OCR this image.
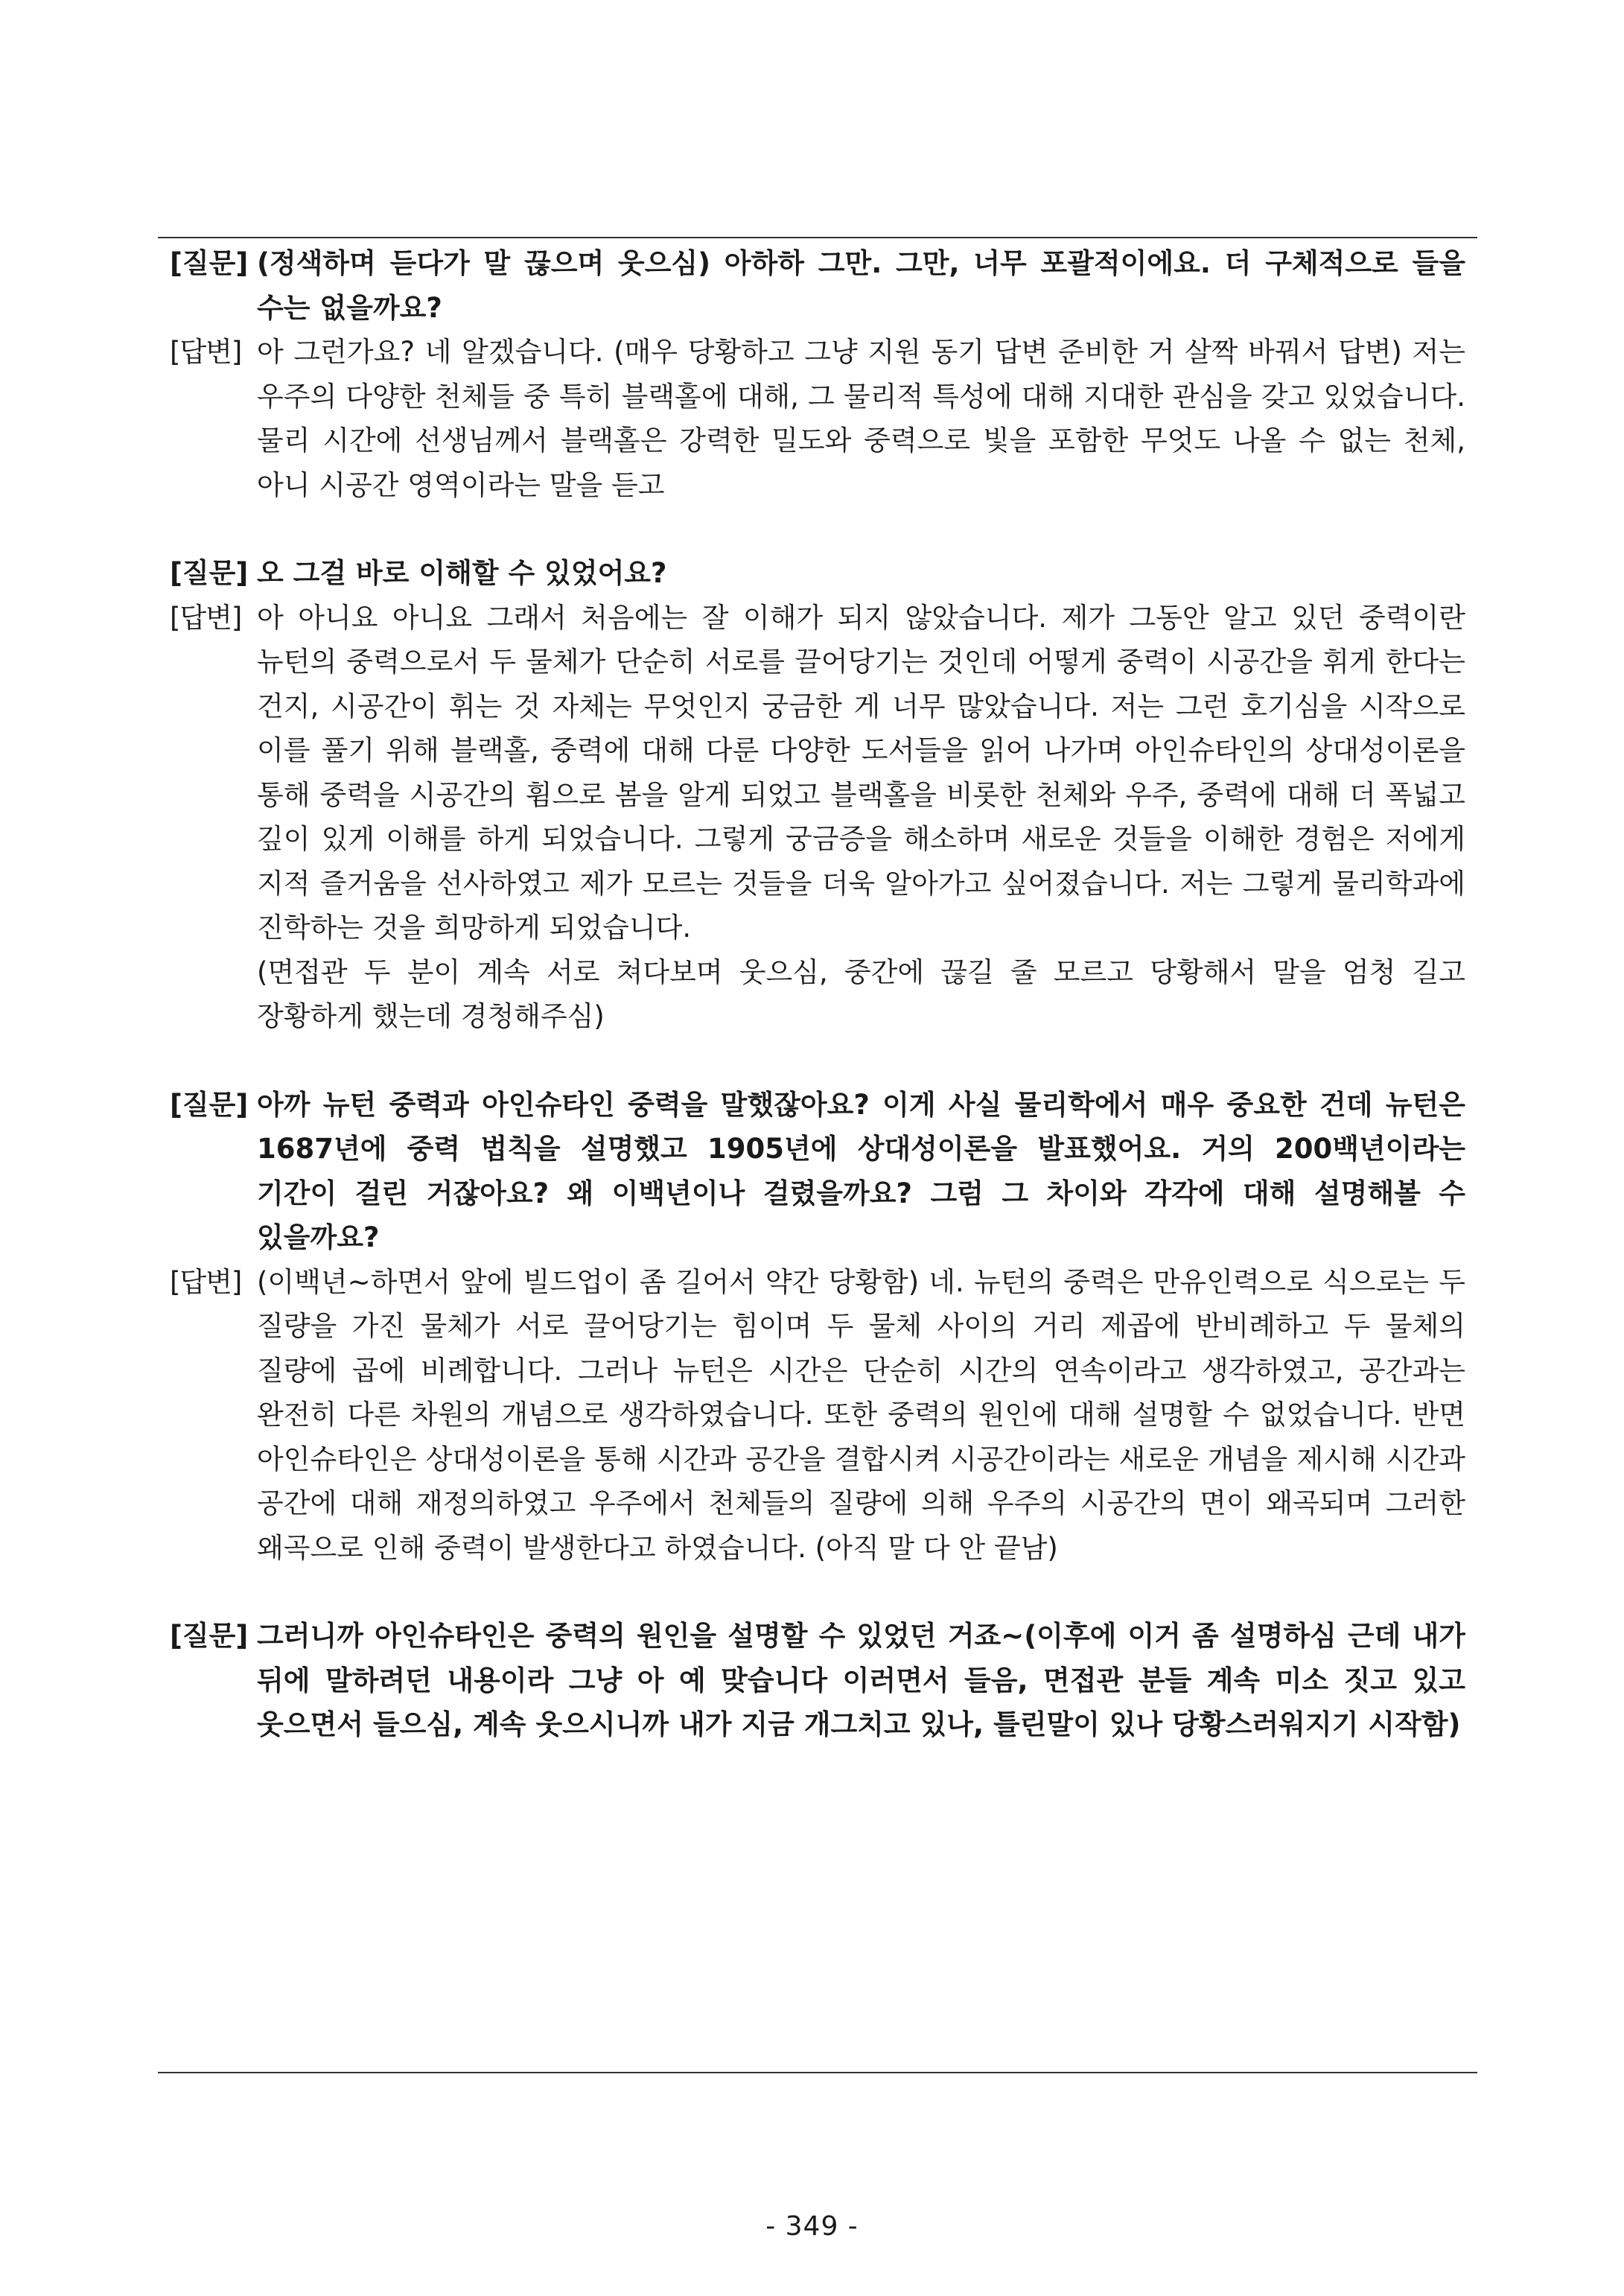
[질문] (정색하며 듣다가 말 끊으며 웃으심) 아하하 그만. 그만, 너무 포괄적이에요. 더 구체적으로 들을 수는 없을까요?
[답변] 아 그런가요? 네 알겠습니다. (매우 당황하고 그냥 지원 동기 답변 준비한 거 살짝 바꿔서 답변) 저는 우주의 다양한 천체들 중 특히 블랙홀에 대해, 그 물리적 특성에 대해 지대한 관심을 갖고 있었습니다. 물리 시간에 선생님께서 블랙홀은 강력한 밀도와 중력으로 빛을 포함한 무엇도 나올 수 없는 천체, 아니 시공간 영역이라는 말을 듣고
[질문] 오 그걸 바로 이해할 수 있었어요?
[답변] 아 아니요 아니요 그래서 처음에는 잘 이해가 되지 않았습니다. 제가 그동안 알고 있던 중력이란 뉴턴의 중력으로서 두 물체가 단순히 서로를 끌어당기는 것인데 어떻게 중력이 시공간을 휘게 한다는 건지, 시공간이 휘는 것 자체는 무엇인지 궁금한 게 너무 많았습니다. 저는 그런 호기심을 시작으로 이를 풀기 위해 블랙홀, 중력에 대해 다룬 다양한 도서들을 읽어 나가며 아인슈타인의 상대성이론을 통해 중력을 시공간의 휨으로 봄을 알게 되었고 블랙홀을 비롯한 천체와 우주, 중력에 대해 더 폭넓고 깊이 있게 이해를 하게 되었습니다. 그렇게 궁금증을 해소하며 새로운 것들을 이해한 경험은 저에게 지적 즐거움을 선사하였고 제가 모르는 것들을 더욱 알아가고 싶어졌습니다. 저는 그렇게 물리학과에 진학하는 것을 희망하게 되었습니다.
(면접관 두 분이 계속 서로 쳐다보며 웃으심, 중간에 끊길 줄 모르고 당황해서 말을 엄청 길고 장황하게 했는데 경청해주심)
[질문] 아까 뉴턴 중력과 아인슈타인 중력을 말했잖아요? 이게 사실 물리학에서 매우 중요한 건데 뉴턴은 1687년에 중력 법칙을 설명했고 1905년에 상대성이론을 발표했어요. 거의 200백년이라는 기간이 걸린 거잖아요? 왜 이백년이나 걸렸을까요? 그럼 그 차이와 각각에 대해 설명해볼 수 있을까요?
[답변] (이백년~하면서 앞에 빌드업이 좀 길어서 약간 당황함) 네. 뉴턴의 중력은 만유인력으로 식으로는 두 질량을 가진 물체가 서로 끌어당기는 힘이며 두 물체 사이의 거리 제곱에 반비례하고 두 물체의 질량에 곱에 비례합니다. 그러나 뉴턴은 시간은 단순히 시간의 연속이라고 생각하였고, 공간과는 완전히 다른 차원의 개념으로 생각하였습니다. 또한 중력의 원인에 대해 설명할 수 없었습니다. 반면 아인슈타인은 상대성이론을 통해 시간과 공간을 결합시켜 시공간이라는 새로운 개념을 제시해 시간과 공간에 대해 재정의하였고 우주에서 천체들의 질량에 의해 우주의 시공간의 면이 왜곡되며 그러한 왜곡으로 인해 중력이 발생한다고 하였습니다. (아직 말 다 안 끝남)
[질문] 그러니까 아인슈타인은 중력의 원인을 설명할 수 있었던 거죠~(이후에 이거 좀 설명하심 근데 내가 뒤에 말하려던 내용이라 그냥 아 예 맞습니다 이러면서 들음, 면접관 분들 계속 미소 짓고 있고 웃으면서 들으심, 계속 웃으시니까 내가 지금 개그치고 있나, 틀린말이 있나 당황스러워지기 시작함)
- 349 -
